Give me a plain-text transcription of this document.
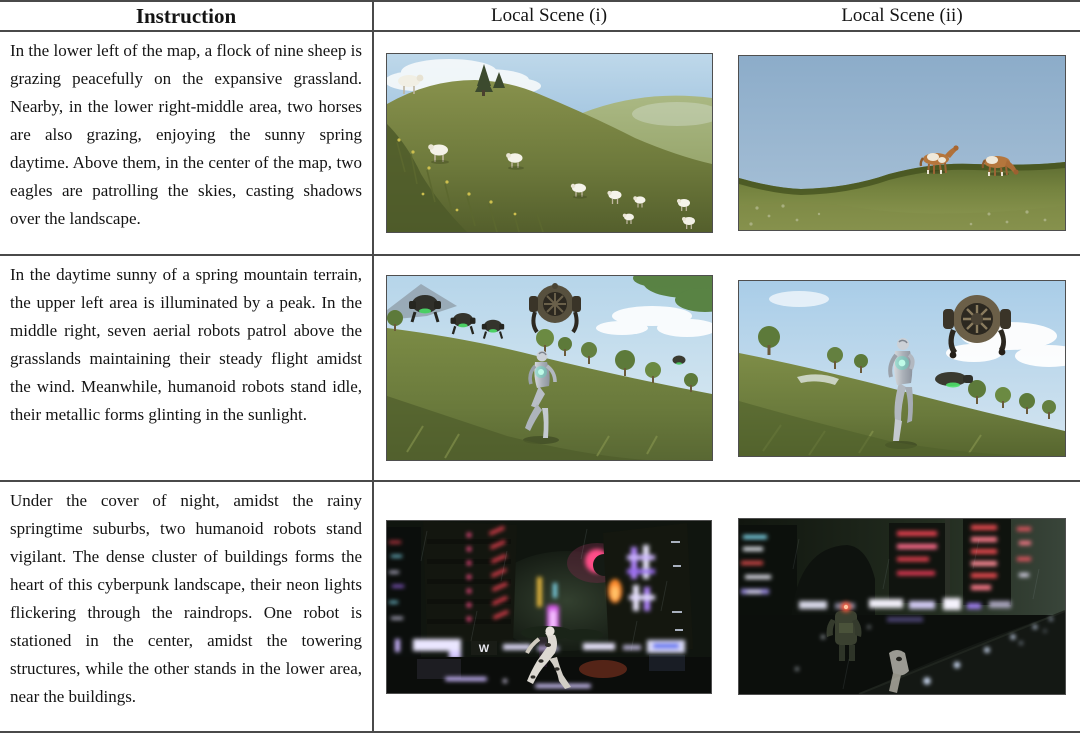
Instruction	Local Scene (i)	Local Scene (ii)
In the lower left of the map, a flock of nine sheep is grazing peacefully on the expansive grassland. Nearby, in the lower right-middle area, two horses are also grazing, enjoying the sunny spring daytime. Above them, in the center of the map, two eagles are patrolling the skies, casting shadows over the landscape.
In the daytime sunny of a spring mountain terrain, the upper left area is illuminated by a peak. In the middle right, seven aerial robots patrol above the grasslands maintaining their steady flight amidst the wind. Meanwhile, humanoid robots stand idle, their metallic forms glinting in the sunlight.
Under the cover of night, amidst the rainy springtime suburbs, two humanoid robots stand vigilant. The dense cluster of buildings forms the heart of this cyberpunk landscape, their neon lights flickering through the raindrops. One robot is stationed in the center, amidst the towering structures, while the other stands in the lower area, near the buildings.
W
